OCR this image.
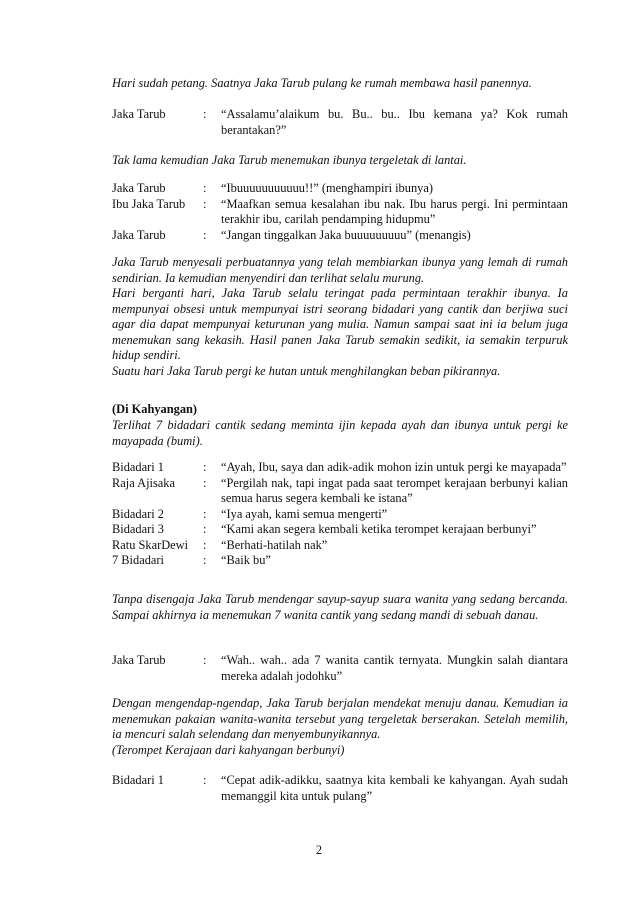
Hari sudah petang. Saatnya Jaka Tarub pulang ke rumah membawa hasil panennya.
Jaka Tarub	:	“Assalamu’alaikum bu. Bu.. bu.. Ibu kemana ya? Kok rumah berantakan?”
Tak lama kemudian Jaka Tarub menemukan ibunya tergeletak di lantai.
Jaka Tarub	:	“Ibuuuuuuuuuuu!!” (menghampiri ibunya)
Ibu Jaka Tarub	:	“Maafkan semua kesalahan ibu nak. Ibu harus pergi. Ini permintaan terakhir ibu, carilah pendamping hidupmu”
Jaka Tarub	:	“Jangan tinggalkan Jaka buuuuuuuuu” (menangis)
Jaka Tarub menyesali perbuatannya yang telah membiarkan ibunya yang lemah di rumah sendirian. Ia kemudian menyendiri dan terlihat selalu murung.
Hari berganti hari, Jaka Tarub selalu teringat pada permintaan terakhir ibunya. Ia mempunyai obsesi untuk mempunyai istri seorang bidadari yang cantik dan berjiwa suci agar dia dapat mempunyai keturunan yang mulia. Namun sampai saat ini ia belum juga menemukan sang kekasih. Hasil panen Jaka Tarub semakin sedikit, ia semakin terpuruk hidup sendiri.
Suatu hari Jaka Tarub pergi ke hutan untuk menghilangkan beban pikirannya.
(Di Kahyangan)
Terlihat 7 bidadari cantik sedang meminta ijin kepada ayah dan ibunya untuk pergi ke mayapada (bumi).
Bidadari 1	:	“Ayah, Ibu, saya dan adik-adik mohon izin untuk pergi ke mayapada”
Raja Ajisaka	:	“Pergilah nak, tapi ingat pada saat terompet kerajaan berbunyi kalian semua harus segera kembali ke istana”
Bidadari 2	:	“Iya ayah, kami semua mengerti”
Bidadari 3	:	“Kami akan segera kembali ketika terompet kerajaan berbunyi”
Ratu SkarDewi	:	“Berhati-hatilah nak”
7 Bidadari	:	“Baik bu”
Tanpa disengaja Jaka Tarub mendengar sayup-sayup suara wanita yang sedang bercanda. Sampai akhirnya ia menemukan 7 wanita cantik yang sedang mandi di sebuah danau.
Jaka Tarub	:	“Wah.. wah.. ada 7 wanita cantik ternyata. Mungkin salah diantara mereka adalah jodohku”
Dengan mengendap-ngendap, Jaka Tarub berjalan mendekat menuju danau. Kemudian ia menemukan pakaian wanita-wanita tersebut yang tergeletak berserakan. Setelah memilih, ia mencuri salah selendang dan menyembunyikannya.
(Terompet Kerajaan dari kahyangan berbunyi)
Bidadari 1	:	“Cepat adik-adikku, saatnya kita kembali ke kahyangan. Ayah sudah memanggil kita untuk pulang”
2
